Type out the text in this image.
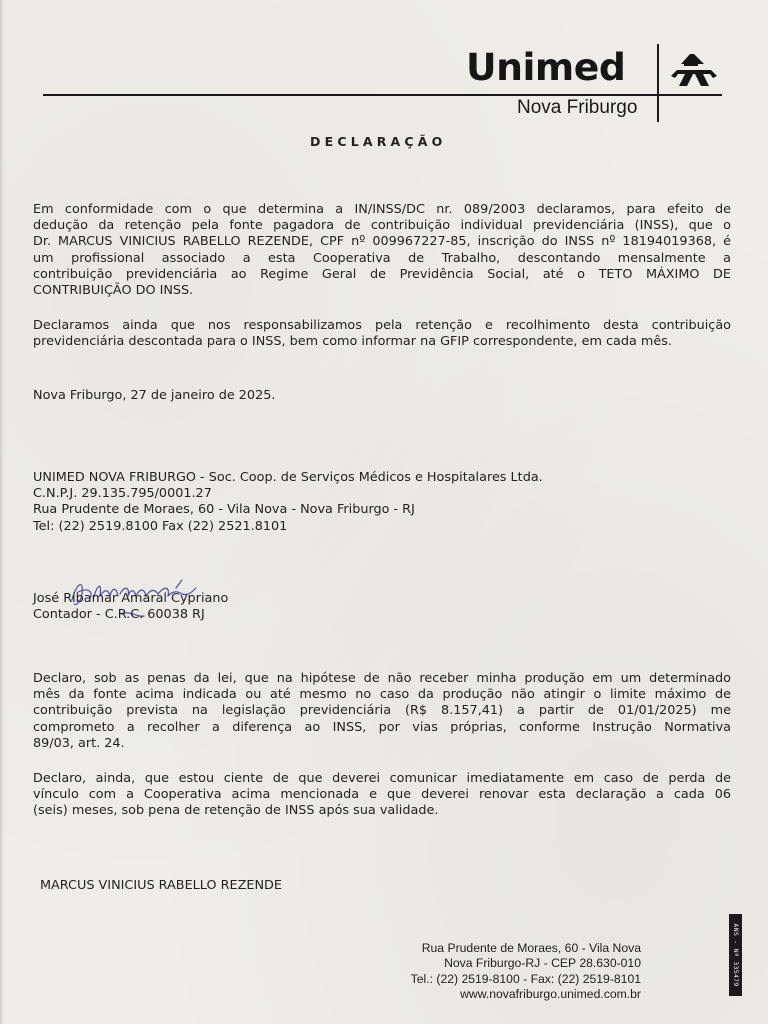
Unimed
Nova Friburgo
DECLARAÇÃO
Em conformidade com o que determina a IN/INSS/DC nr. 089/2003 declaramos, para efeito de
dedução da retenção pela fonte pagadora de contribuição individual previdenciária (INSS), que o
Dr. MARCUS VINICIUS RABELLO REZENDE, CPF nº 009967227-85, inscrição do INSS nº 18194019368, é
um profissional associado a esta Cooperativa de Trabalho, descontando mensalmente a
contribuição previdenciária ao Regime Geral de Previdência Social, até o TETO MÁXIMO DE
CONTRIBUIÇÃO DO INSS.
Declaramos ainda que nos responsabilizamos pela retenção e recolhimento desta contribuição
previdenciária descontada para o INSS, bem como informar na GFIP correspondente, em cada mês.
Nova Friburgo, 27 de janeiro de 2025.
UNIMED NOVA FRIBURGO - Soc. Coop. de Serviços Médicos e Hospitalares Ltda.
C.N.P.J. 29.135.795/0001.27
Rua Prudente de Moraes, 60 - Vila Nova - Nova Friburgo - RJ
Tel: (22) 2519.8100 Fax (22) 2521.8101
José Ribamar Amaral Cypriano
Contador - C.R.C. 60038 RJ
Declaro, sob as penas da lei, que na hipótese de não receber minha produção em um determinado
mês da fonte acima indicada ou até mesmo no caso da produção não atingir o limite máximo de
contribuição prevista na legislação previdenciária (R$ 8.157,41) a partir de 01/01/2025) me
comprometo a recolher a diferença ao INSS, por vias próprias, conforme Instrução Normativa
89/03, art. 24.
Declaro, ainda, que estou ciente de que deverei comunicar imediatamente em caso de perda de
vínculo com a Cooperativa acima mencionada e que deverei renovar esta declaração a cada 06
(seis) meses, sob pena de retenção de INSS após sua validade.
MARCUS VINICIUS RABELLO REZENDE
Rua Prudente de Moraes, 60 - Vila Nova
Nova Friburgo-RJ - CEP 28.630-010
Tel.: (22) 2519-8100 - Fax: (22) 2519-8101
www.novafriburgo.unimed.com.br
ANS - Nº 335479
